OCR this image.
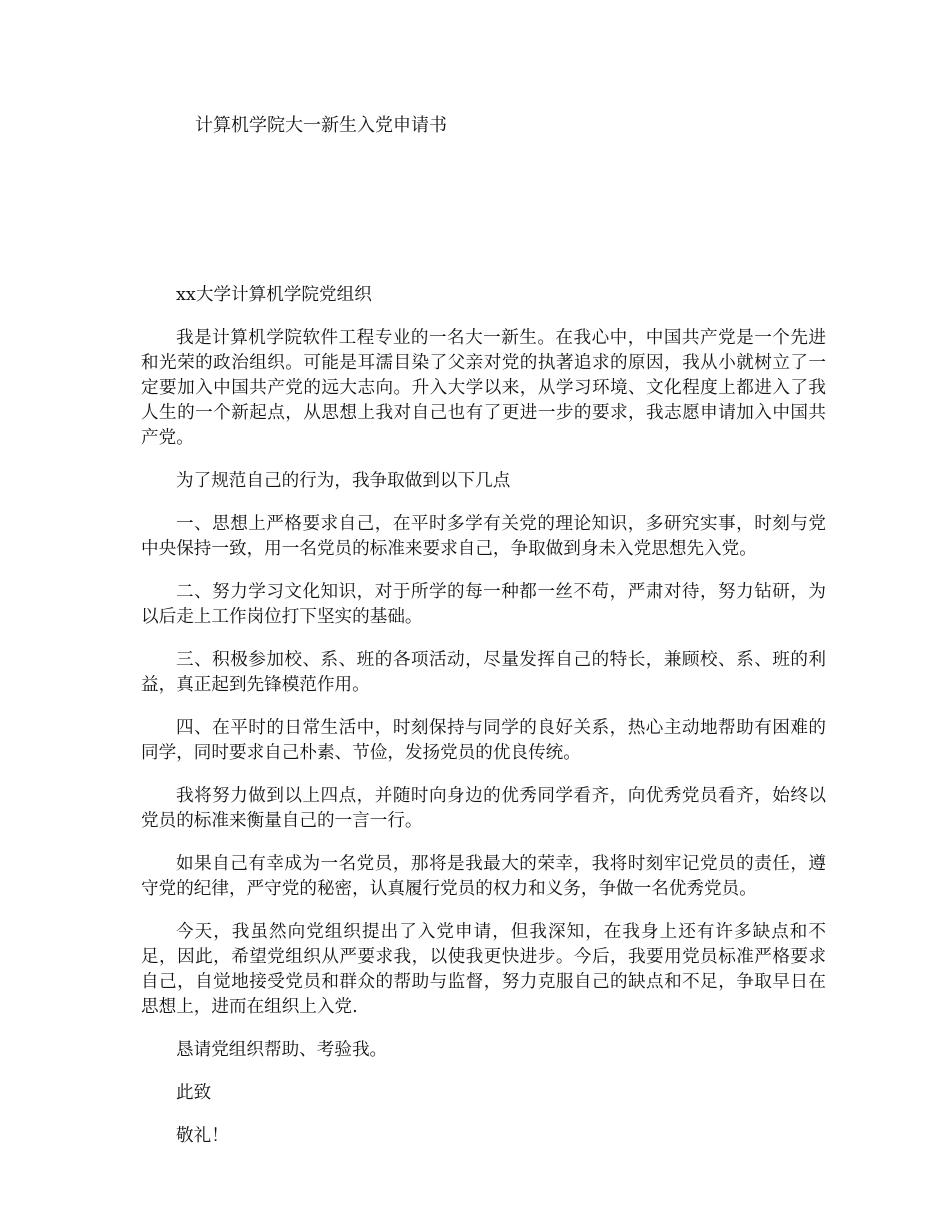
计算机学院大一新生入党申请书

xx大学计算机学院党组织

我是计算机学院软件工程专业的一名大一新生。在我心中，中国共产党是一个先进和光荣的政治组织。可能是耳濡目染了父亲对党的执著追求的原因，我从小就树立了一定要加入中国共产党的远大志向。升入大学以来，从学习环境、文化程度上都进入了我人生的一个新起点，从思想上我对自己也有了更进一步的要求，我志愿申请加入中国共产党。

为了规范自己的行为，我争取做到以下几点

一、思想上严格要求自己，在平时多学有关党的理论知识，多研究实事，时刻与党中央保持一致，用一名党员的标准来要求自己，争取做到身未入党思想先入党。

二、努力学习文化知识，对于所学的每一种都一丝不苟，严肃对待，努力钻研，为以后走上工作岗位打下坚实的基础。

三、积极参加校、系、班的各项活动，尽量发挥自己的特长，兼顾校、系、班的利益，真正起到先锋模范作用。

四、在平时的日常生活中，时刻保持与同学的良好关系，热心主动地帮助有困难的同学，同时要求自己朴素、节俭，发扬党员的优良传统。

我将努力做到以上四点，并随时向身边的优秀同学看齐，向优秀党员看齐，始终以党员的标准来衡量自己的一言一行。

如果自己有幸成为一名党员，那将是我最大的荣幸，我将时刻牢记党员的责任，遵守党的纪律，严守党的秘密，认真履行党员的权力和义务，争做一名优秀党员。

今天，我虽然向党组织提出了入党申请，但我深知，在我身上还有许多缺点和不足，因此，希望党组织从严要求我，以使我更快进步。今后，我要用党员标准严格要求自己，自觉地接受党员和群众的帮助与监督，努力克服自己的缺点和不足，争取早日在思想上，进而在组织上入党.

恳请党组织帮助、考验我。

此致

敬礼！
